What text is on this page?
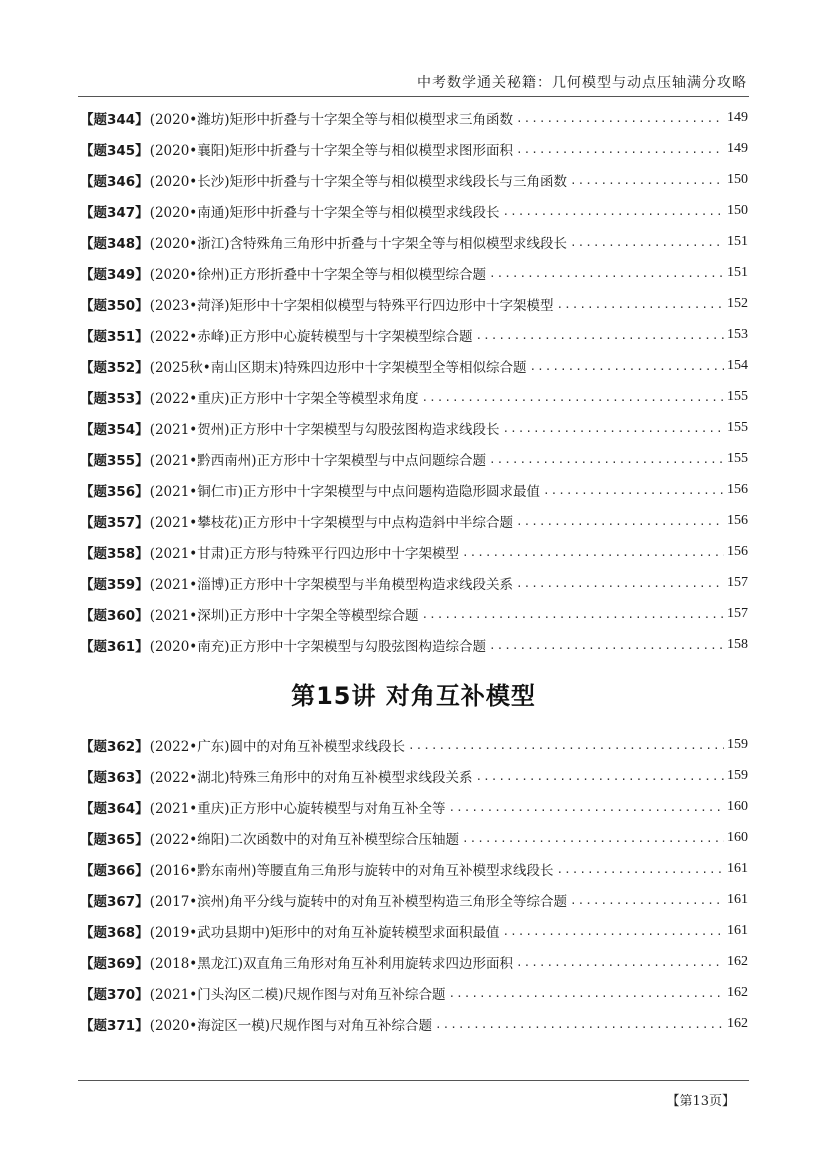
中考数学通关秘籍：几何模型与动点压轴满分攻略
【题344】 (2020•潍坊)矩形中折叠与十字架全等与相似模型求三角函数 .....	149
【题345】 (2020•襄阳)矩形中折叠与十字架全等与相似模型求图形面积 .....	149
【题346】 (2020•长沙)矩形中折叠与十字架全等与相似模型求线段长与三角函数 .....	150
【题347】 (2020•南通)矩形中折叠与十字架全等与相似模型求线段长 .....	150
【题348】 (2020•浙江)含特殊角三角形中折叠与十字架全等与相似模型求线段长 .....	151
【题349】 (2020•徐州)正方形折叠中十字架全等与相似模型综合题 .....	151
【题350】 (2023•菏泽)矩形中十字架相似模型与特殊平行四边形中十字架模型 .....	152
【题351】 (2022•赤峰)正方形中心旋转模型与十字架模型综合题 .....	153
【题352】 (2025秋•南山区期末)特殊四边形中十字架模型全等相似综合题 .....	154
【题353】 (2022•重庆)正方形中十字架全等模型求角度 .....	155
【题354】 (2021•贺州)正方形中十字架模型与勾股弦图构造求线段长 .....	155
【题355】 (2021•黔西南州)正方形中十字架模型与中点问题综合题 .....	155
【题356】 (2021•铜仁市)正方形中十字架模型与中点问题构造隐形圆求最值 .....	156
【题357】 (2021•攀枝花)正方形中十字架模型与中点构造斜中半综合题 .....	156
【题358】 (2021•甘肃)正方形与特殊平行四边形中十字架模型 .....	156
【题359】 (2021•淄博)正方形中十字架模型与半角模型构造求线段关系 .....	157
【题360】 (2021•深圳)正方形中十字架全等模型综合题 .....	157
【题361】 (2020•南充)正方形中十字架模型与勾股弦图构造综合题 .....	158
第15讲 对角互补模型
【题362】 (2022•广东)圆中的对角互补模型求线段长 .....	159
【题363】 (2022•湖北)特殊三角形中的对角互补模型求线段关系 .....	159
【题364】 (2021•重庆)正方形中心旋转模型与对角互补全等 .....	160
【题365】 (2022•绵阳)二次函数中的对角互补模型综合压轴题 .....	160
【题366】 (2016•黔东南州)等腰直角三角形与旋转中的对角互补模型求线段长 .....	161
【题367】 (2017•滨州)角平分线与旋转中的对角互补模型构造三角形全等综合题 .....	161
【题368】 (2019•武功县期中)矩形中的对角互补旋转模型求面积最值 .....	161
【题369】 (2018•黑龙江)双直角三角形对角互补利用旋转求四边形面积 .....	162
【题370】 (2021•门头沟区二模)尺规作图与对角互补综合题 .....	162
【题371】 (2020•海淀区一模)尺规作图与对角互补综合题 .....	162
【第13页】
